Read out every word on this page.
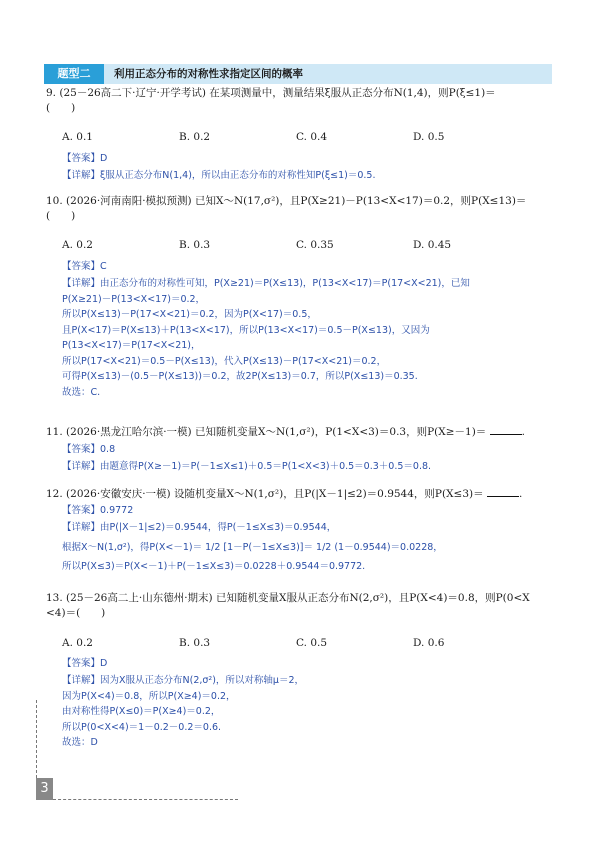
题型二	利用正态分布的对称性求指定区间的概率
9. (25－26高二下·辽宁·开学考试) 在某项测量中，测量结果ξ服从正态分布N(1,4)，则P(ξ≤1)＝
(　　)
A. 0.1	B. 0.2	C. 0.4	D. 0.5
【答案】D
【详解】ξ服从正态分布N(1,4)，所以由正态分布的对称性知P(ξ≤1)＝0.5.
10. (2026·河南南阳·模拟预测) 已知X～N(17,σ²)，且P(X≥21)－P(13<X<17)＝0.2，则P(X≤13)＝
(　　)
A. 0.2	B. 0.3	C. 0.35	D. 0.45
【答案】C
【详解】由正态分布的对称性可知，P(X≥21)＝P(X≤13)，P(13<X<17)＝P(17<X<21)，已知
P(X≥21)－P(13<X<17)＝0.2，
所以P(X≤13)－P(17<X<21)＝0.2，因为P(X<17)＝0.5，
且P(X<17)＝P(X≤13)＋P(13<X<17)，所以P(13<X<17)＝0.5－P(X≤13)，又因为
P(13<X<17)＝P(17<X<21)，
所以P(17<X<21)＝0.5－P(X≤13)，代入P(X≤13)－P(17<X<21)＝0.2，
可得P(X≤13)－(0.5－P(X≤13))＝0.2，故2P(X≤13)＝0.7，所以P(X≤13)＝0.35.
故选：C.
11. (2026·黑龙江哈尔滨·一模) 已知随机变量X～N(1,σ²)，P(1<X<3)＝0.3，则P(X≥－1)＝	.
【答案】0.8
【详解】由题意得P(X≥－1)＝P(－1≤X≤1)＋0.5＝P(1<X<3)＋0.5＝0.3＋0.5＝0.8.
12. (2026·安徽安庆·一模) 设随机变量X～N(1,σ²)，且P(|X－1|≤2)＝0.9544，则P(X≤3)＝	.
【答案】0.9772
【详解】由P(|X－1|≤2)＝0.9544，得P(－1≤X≤3)＝0.9544，
根据X～N(1,σ²)，得P(X<－1)＝ 1/2 [1－P(－1≤X≤3)]＝ 1/2 (1－0.9544)＝0.0228，
所以P(X≤3)＝P(X<－1)＋P(－1≤X≤3)＝0.0228＋0.9544＝0.9772.
13. (25－26高二上·山东德州·期末) 已知随机变量X服从正态分布N(2,σ²)，且P(X<4)＝0.8，则P(0<X
<4)＝(　　)
A. 0.2	B. 0.3	C. 0.5	D. 0.6
【答案】D
【详解】因为X服从正态分布N(2,σ²)，所以对称轴μ＝2，
因为P(X<4)＝0.8，所以P(X≥4)＝0.2，
由对称性得P(X≤0)＝P(X≥4)＝0.2，
所以P(0<X<4)＝1－0.2－0.2＝0.6.
故选：D
3
